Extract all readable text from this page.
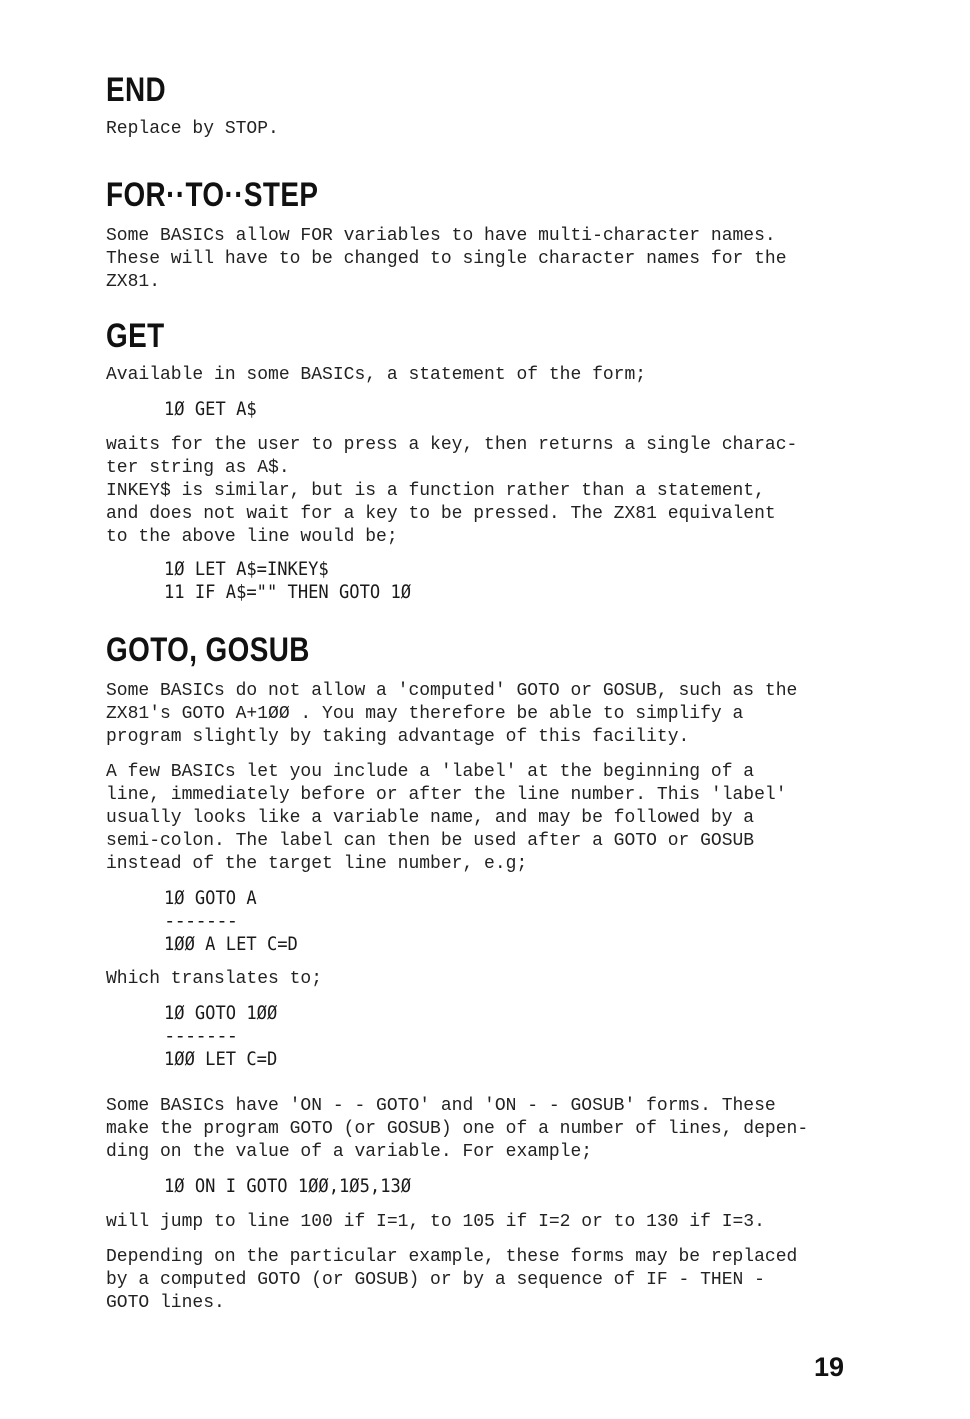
END

Replace by STOP.

FOR··TO··STEP

Some BASICs allow FOR variables to have multi-character names.
These will have to be changed to single character names for the
ZX81.

GET

Available in some BASICs, a statement of the form;

1Ø GET A$

waits for the user to press a key, then returns a single charac-
ter string as A$.
INKEY$ is similar, but is a function rather than a statement,
and does not wait for a key to be pressed. The ZX81 equivalent
to the above line would be;

1Ø LET A$=INKEY$
11 IF A$="" THEN GOTO 1Ø

GOTO, GOSUB

Some BASICs do not allow a 'computed' GOTO or GOSUB, such as the
ZX81's GOTO A+1ØØ . You may therefore be able to simplify a
program slightly by taking advantage of this facility.

A few BASICs let you include a 'label' at the beginning of a
line, immediately before or after the line number. This 'label'
usually looks like a variable name, and may be followed by a
semi-colon. The label can then be used after a GOTO or GOSUB
instead of the target line number, e.g;

1Ø GOTO A

-------

1ØØ A LET C=D

Which translates to;

1Ø GOTO 1ØØ

-------

1ØØ LET C=D

Some BASICs have 'ON - - GOTO' and 'ON - - GOSUB' forms. These
make the program GOTO (or GOSUB) one of a number of lines, depen-
ding on the value of a variable. For example;

1Ø ON I GOTO 1ØØ,1Ø5,13Ø

will jump to line 100 if I=1, to 105 if I=2 or to 130 if I=3.

Depending on the particular example, these forms may be replaced
by a computed GOTO (or GOSUB) or by a sequence of IF - THEN -
GOTO lines.

19
